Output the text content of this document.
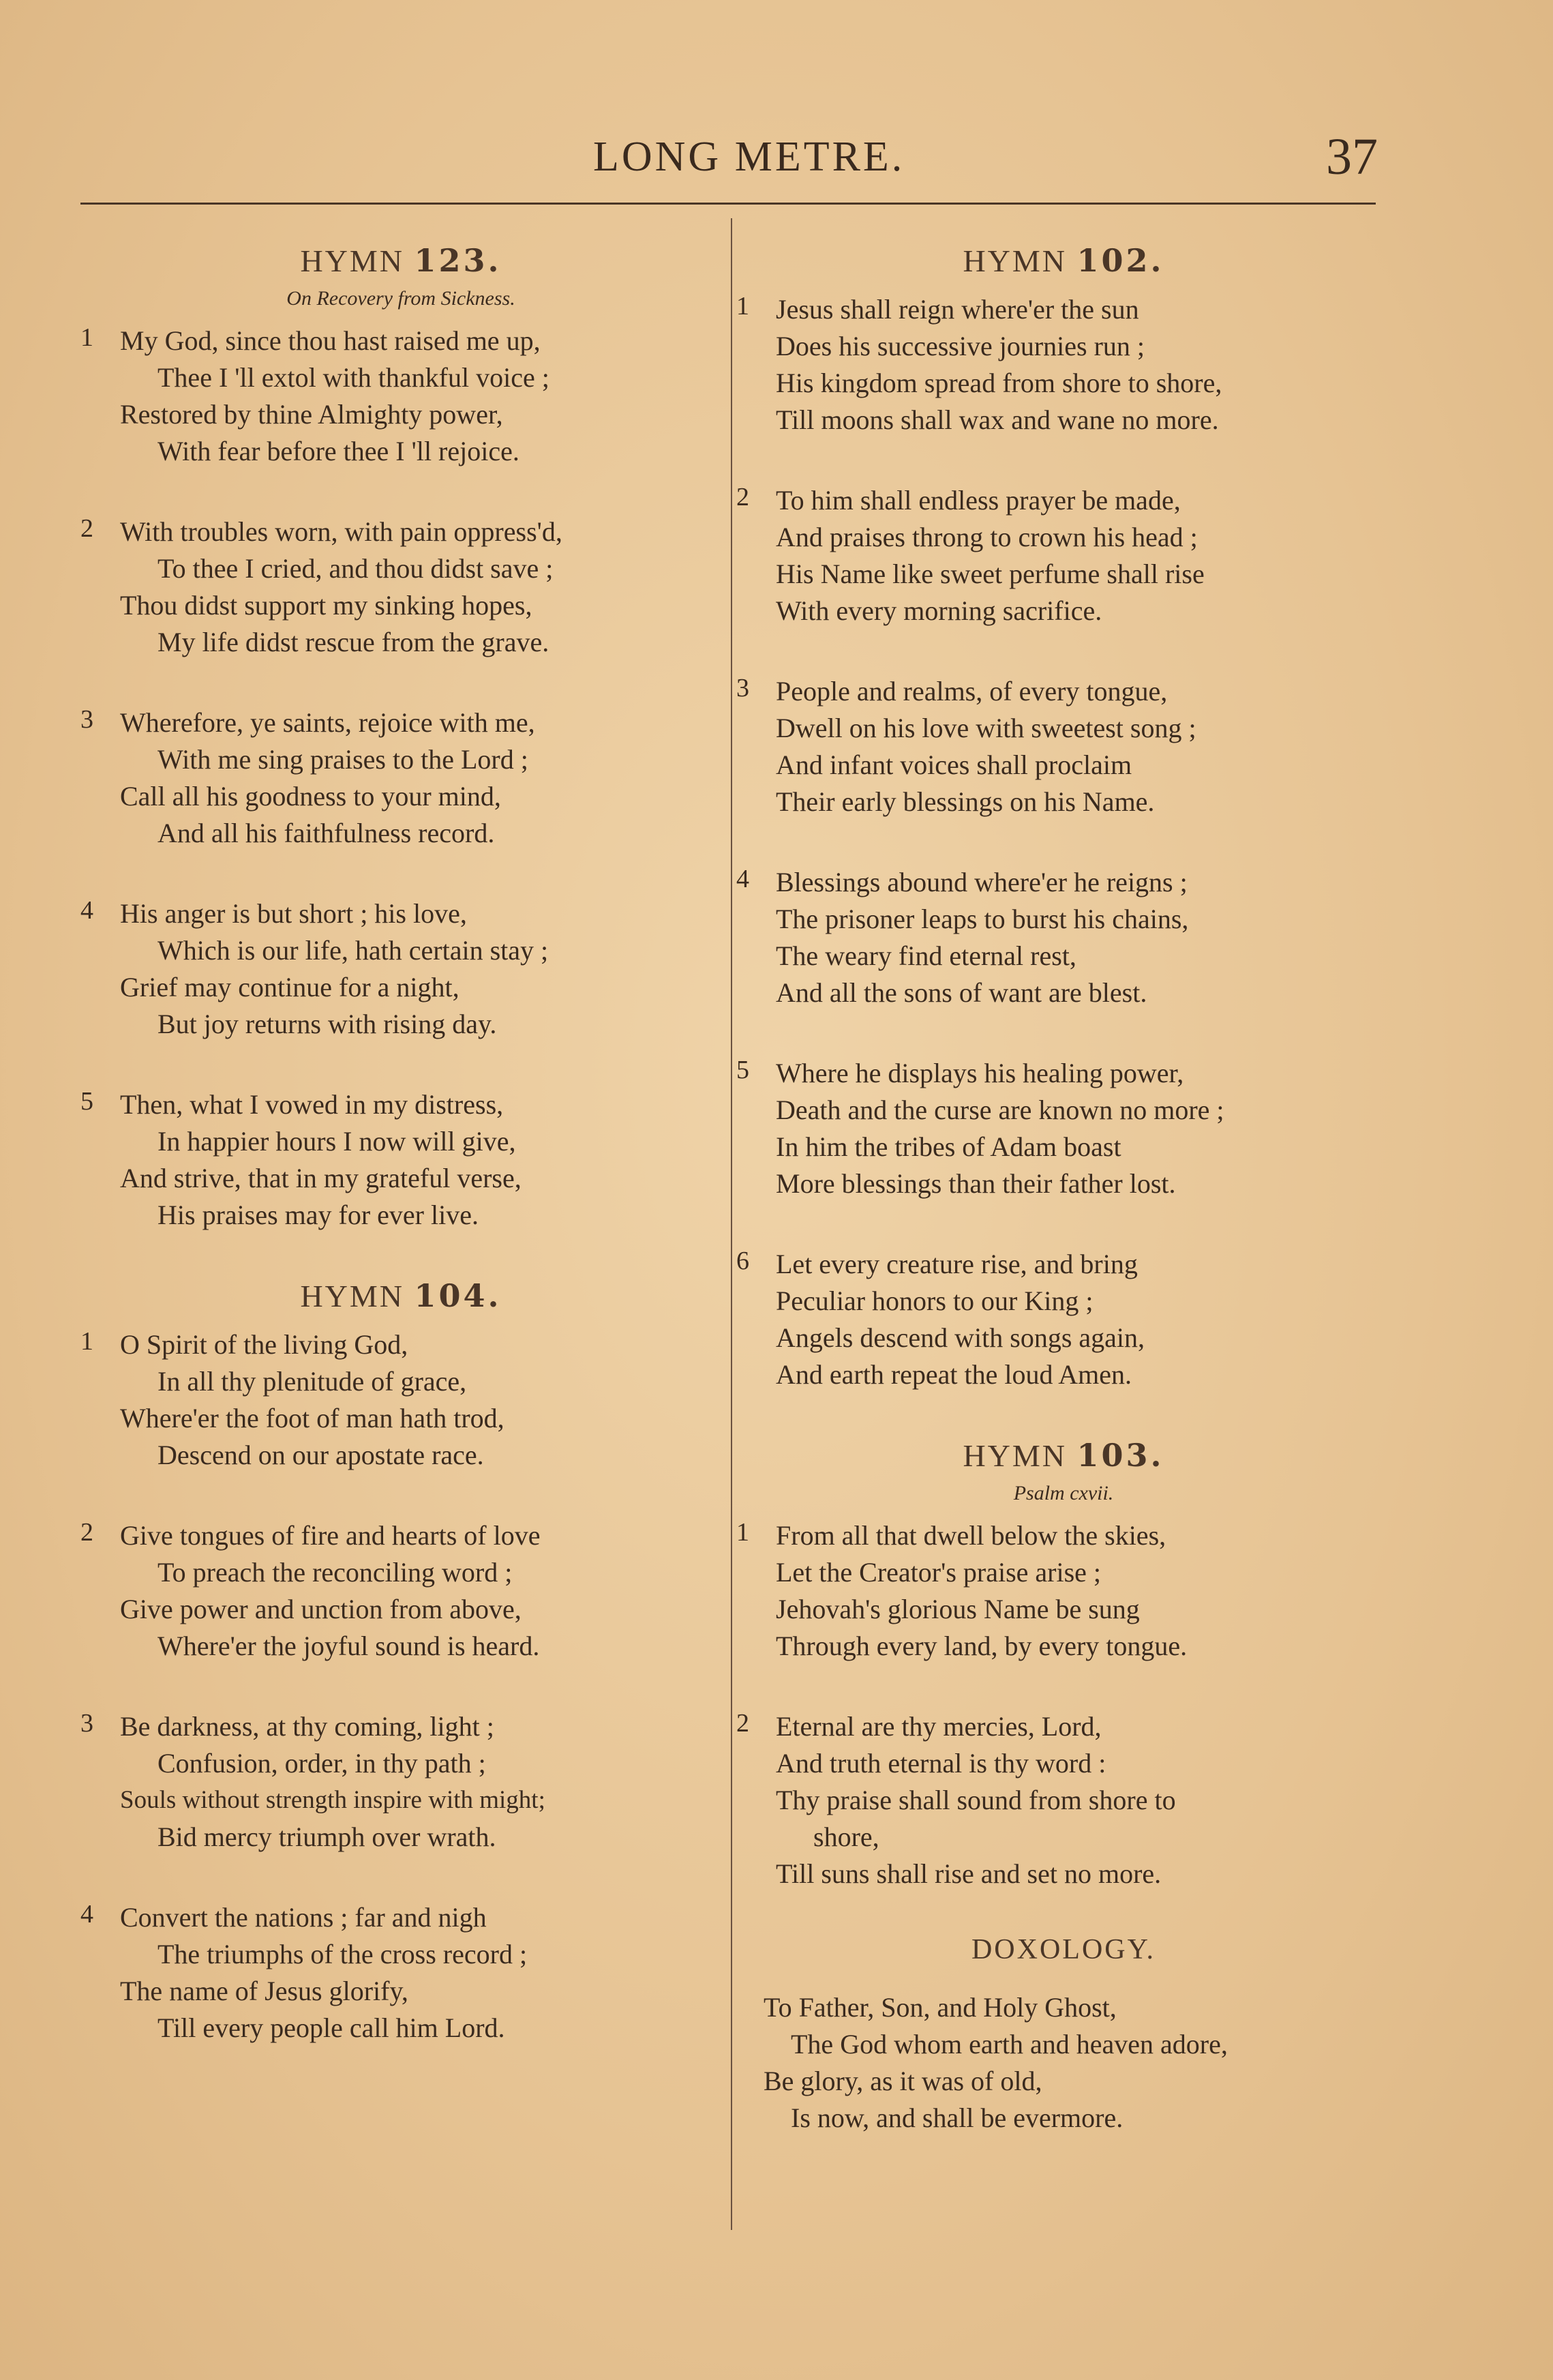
LONG METRE.	37
HYMN 123.
On Recovery from Sickness.
1 My God, since thou hast raised me up,
Thee I 'll extol with thankful voice ;
Restored by thine Almighty power,
With fear before thee I 'll rejoice.
2 With troubles worn, with pain oppress'd,
To thee I cried, and thou didst save ;
Thou didst support my sinking hopes,
My life didst rescue from the grave.
3 Wherefore, ye saints, rejoice with me,
With me sing praises to the Lord ;
Call all his goodness to your mind,
And all his faithfulness record.
4 His anger is but short ; his love,
Which is our life, hath certain stay ;
Grief may continue for a night,
But joy returns with rising day.
5 Then, what I vowed in my distress,
In happier hours I now will give,
And strive, that in my grateful verse,
His praises may for ever live.
HYMN 104.
1 O Spirit of the living God,
In all thy plenitude of grace,
Where'er the foot of man hath trod,
Descend on our apostate race.
2 Give tongues of fire and hearts of love
To preach the reconciling word ;
Give power and unction from above,
Where'er the joyful sound is heard.
3 Be darkness, at thy coming, light ;
Confusion, order, in thy path ;
Souls without strength inspire with might;
Bid mercy triumph over wrath.
4 Convert the nations ; far and nigh
The triumphs of the cross record ;
The name of Jesus glorify,
Till every people call him Lord.
HYMN 102.
1 Jesus shall reign where'er the sun
Does his successive journies run ;
His kingdom spread from shore to shore,
Till moons shall wax and wane no more.
2 To him shall endless prayer be made,
And praises throng to crown his head ;
His Name like sweet perfume shall rise
With every morning sacrifice.
3 People and realms, of every tongue,
Dwell on his love with sweetest song ;
And infant voices shall proclaim
Their early blessings on his Name.
4 Blessings abound where'er he reigns ;
The prisoner leaps to burst his chains,
The weary find eternal rest,
And all the sons of want are blest.
5 Where he displays his healing power,
Death and the curse are known no more ;
In him the tribes of Adam boast
More blessings than their father lost.
6 Let every creature rise, and bring
Peculiar honors to our King ;
Angels descend with songs again,
And earth repeat the loud Amen.
HYMN 103.
Psalm cxvii.
1 From all that dwell below the skies,
Let the Creator's praise arise ;
Jehovah's glorious Name be sung
Through every land, by every tongue.
2 Eternal are thy mercies, Lord,
And truth eternal is thy word :
Thy praise shall sound from shore to
shore,
Till suns shall rise and set no more.
DOXOLOGY.
To Father, Son, and Holy Ghost,
The God whom earth and heaven adore,
Be glory, as it was of old,
Is now, and shall be evermore.
